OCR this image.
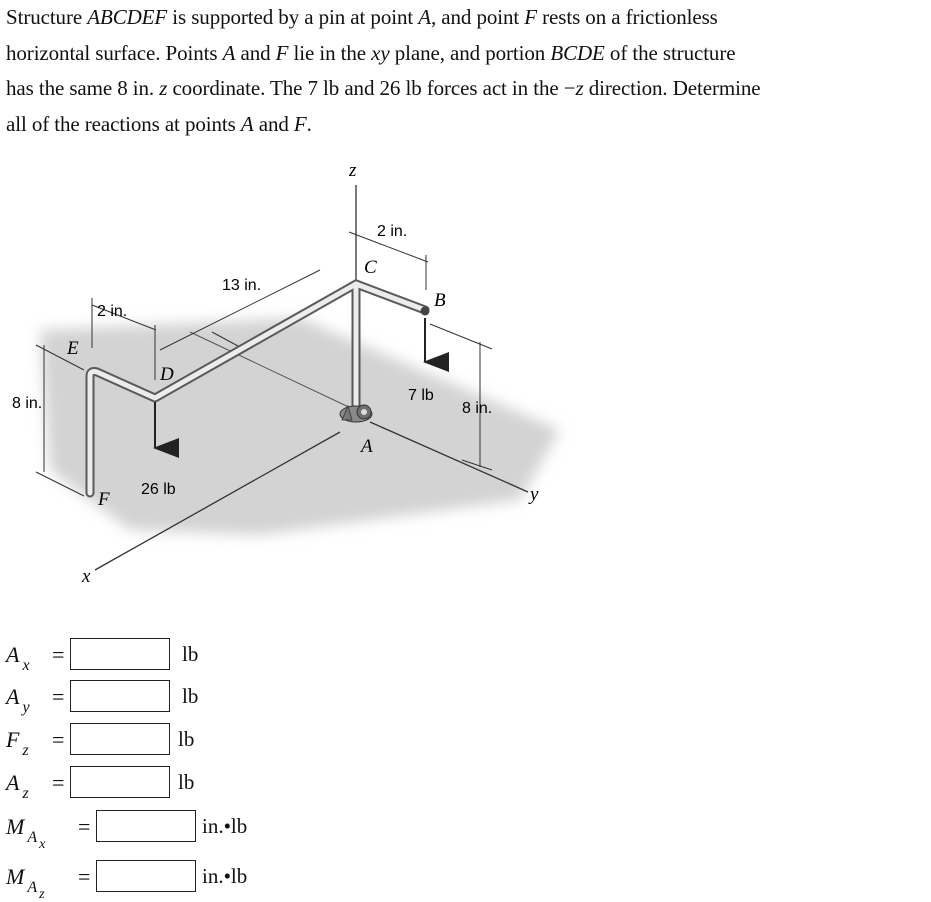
Structure ABCDEF is supported by a pin at point A, and point F rests on a frictionless

horizontal surface. Points A and F lie in the xy plane, and portion BCDE of the structure

has the same 8 in. z coordinate. The 7 lb and 26 lb forces act in the −z direction. Determine

all of the reactions at points A and F.

z
y
x
C
B
D
E
A
F
2 in.
13 in.
2 in.
8 in.	8 in.
7 lb
26 lb
A $_x$ =	lb
A $_y$ =	lb
F $_z$ =	lb
A $_z$ =	lb
M $_A$ $_x$
=	in.•lb
M $_A$ $_z$
=	in.•lb
